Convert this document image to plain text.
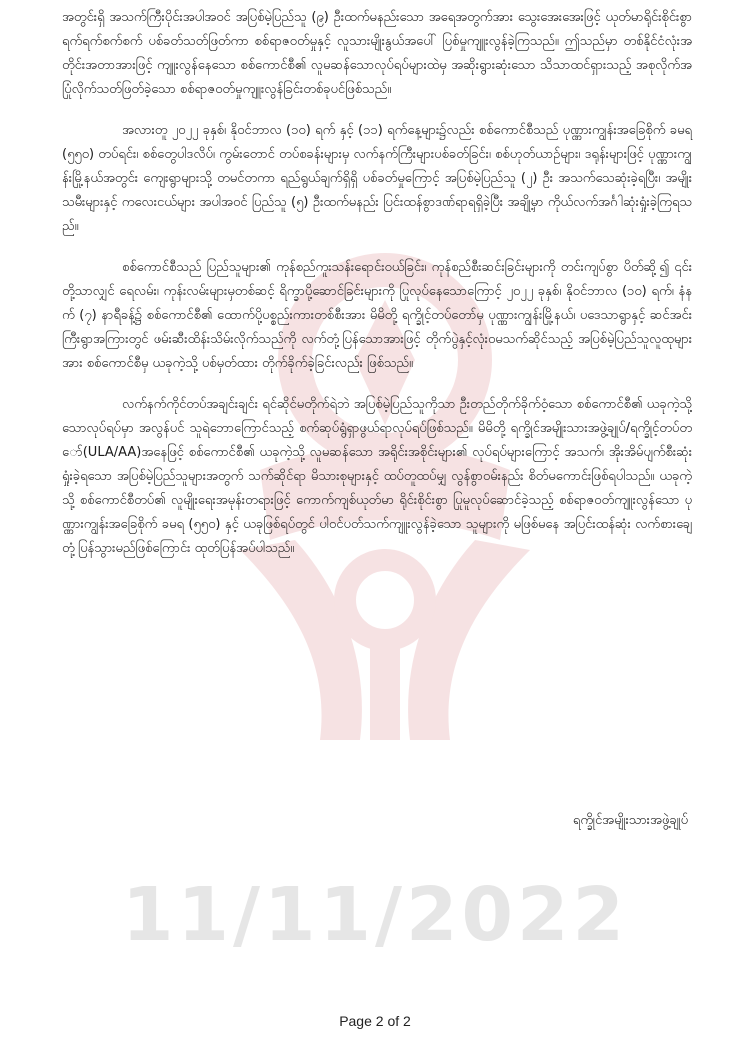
အတွင်းရှိ အသက်ကြီးပိုင်းအပါအဝင် အပြစ်မဲ့ပြည်သူ (၉) ဦးထက်မနည်းသော အရေအတွက်အား သွေးအေးအေးဖြင့် ယုတ်မာရိုင်းစိုင်းစွာ ရက်ရက်စက်စက် ပစ်ခတ်သတ်ဖြတ်ကာ စစ်ရာဇဝတ်မှုနှင့် လူသားမျိုးနွယ်အပေါ် ပြစ်မှုကျူးလွန်ခဲ့ကြသည်။ ဤသည်မှာ တစ်နိုင်ငံလုံးအတိုင်းအတာအားဖြင့် ကျူးလွန်နေသော စစ်ကောင်စီ၏ လူမဆန်သောလုပ်ရပ်များထဲမှ အဆိုးရွားဆုံးသော သိသာထင်ရှားသည့် အစုလိုက်အပြုံလိုက်သတ်ဖြတ်ခဲ့သော စစ်ရာဇဝတ်မှုကျူးလွန်ခြင်းတစ်ခုပင်ဖြစ်သည်။

အလားတူ ၂၀၂၂ ခုနှစ်၊ နိုဝင်ဘာလ (၁၀) ရက် နှင့် (၁၁) ရက်နေ့များ၌လည်း စစ်ကောင်စီသည် ပုဏ္ဏားကျွန်းအခြေစိုက် ခမရ (၅၅၀) တပ်ရင်း၊ စစ်တွေပါဒလိပ်၊ ကွမ်းတောင် တပ်စခန်းများမှ လက်နက်ကြီးများပစ်ခတ်ခြင်း၊ စစ်ဟုတ်ယာဉ်များ၊ ဒရုန်းများဖြင့် ပုဏ္ဏားကျွန်းမြို့နယ်အတွင်း ကျေးရွာများသို့ တမင်တကာ ရည်ရွယ်ချက်ရှိရှိ ပစ်ခတ်မှုကြောင့် အပြစ်မဲ့ပြည်သူ (၂) ဦး အသက်သေဆုံးခဲ့ရပြီး၊ အမျိုးသမီးများနှင့် ကလေးငယ်များ အပါအဝင် ပြည်သူ (၅) ဦးထက်မနည်း ပြင်းထန်စွာဒဏ်ရာရရှိခဲ့ပြီး အချို့မှာ ကိုယ်လက်အင်္ဂါဆုံးရှုံးခဲ့ကြရသည်။

စစ်ကောင်စီသည် ပြည်သူများ၏ ကုန်စည်ကူးသန်းရောင်းဝယ်ခြင်း၊ ကုန်စည်စီးဆင်းခြင်းများကို တင်းကျပ်စွာ ပိတ်ဆို့၍ ၎င်းတို့သာလျှင် ရေလမ်း၊ ကုန်းလမ်းများမှတစ်ဆင့် ရိက္ခာပို့ဆောင်ခြင်းများကို ပြုလုပ်နေသောကြောင့် ၂၀၂၂ ခုနှစ်၊ နိုဝင်ဘာလ (၁၀) ရက်၊ နံနက် (၇) နာရီခန့်၌ စစ်ကောင်စီ၏ ထောက်ပို့ပစ္စည်းကားတစ်စီးအား မိမိတို့ ရက္ခိုင့်တပ်တော်မှ ပုဏ္ဏားကျွန်းမြို့နယ်၊ ပဒေသာရွာနှင့် ဆင်အင်းကြီးရွာအကြားတွင် ဖမ်းဆီးထိန်းသိမ်းလိုက်သည်ကို လက်တုံ့ပြန်သောအားဖြင့် တိုက်ပွဲနှင့်လုံးဝမသက်ဆိုင်သည့် အပြစ်မဲ့ပြည်သူလူထုများအား စစ်ကောင်စီမှ ယခုကဲ့သို့ ပစ်မှတ်ထား တိုက်ခိုက်ခဲ့ခြင်းလည်း ဖြစ်သည်။

လက်နက်ကိုင်တပ်အချင်းချင်း ရင်ဆိုင်မတိုက်ရဲဘဲ အပြစ်မဲ့ပြည်သူကိုသာ ဦးတည်တိုက်ခိုက်ဝံ့သော စစ်ကောင်စီ၏ ယခုကဲ့သို့သောလုပ်ရပ်မှာ အလွန်ပင် သူရဲဘောကြောင်သည့် စက်ဆုပ်ရွံရှာဖွယ်ရာလုပ်ရပ်ဖြစ်သည်။ မိမိတို့ ရက္ခိုင်အမျိုးသားအဖွဲ့ချုပ်/ရက္ခိုင့်တပ်တော်(ULA/AA)အနေဖြင့် စစ်ကောင်စီ၏ ယခုကဲ့သို့ လူမဆန်သော အရိုင်းအစိုင်းများ၏ လုပ်ရပ်များကြောင့် အသက်၊ အိုးအိမ်ပျက်စီးဆုံးရှုံးခဲ့ရသော အပြစ်မဲ့ပြည်သူများအတွက် သက်ဆိုင်ရာ မိသားစုများနှင့် ထပ်တူထပ်မျှ လွန်စွာဝမ်းနည်း စိတ်မကောင်းဖြစ်ရပါသည်။ ယခုကဲ့သို့ စစ်ကောင်စီတပ်၏ လူမျိုးရေးအမုန်းတရားဖြင့် ကောက်ကျစ်ယုတ်မာ ရိုင်းစိုင်းစွာ ပြုမူလုပ်ဆောင်ခဲ့သည့် စစ်ရာဇဝတ်ကျူးလွန်သော ပုဏ္ဏားကျွန်းအခြေစိုက် ခမရ (၅၅၀) နှင့် ယခုဖြစ်ရပ်တွင် ပါဝင်ပတ်သက်ကျူးလွန်ခဲ့သော သူများကို မဖြစ်မနေ အပြင်းထန်ဆုံး လက်စားချေ တုံ့ပြန်သွားမည်ဖြစ်ကြောင်း ထုတ်ပြန်အပ်ပါသည်။

ရက္ခိုင်အမျိုးသားအဖွဲ့ချုပ်
11/11/2022
Page 2 of 2
